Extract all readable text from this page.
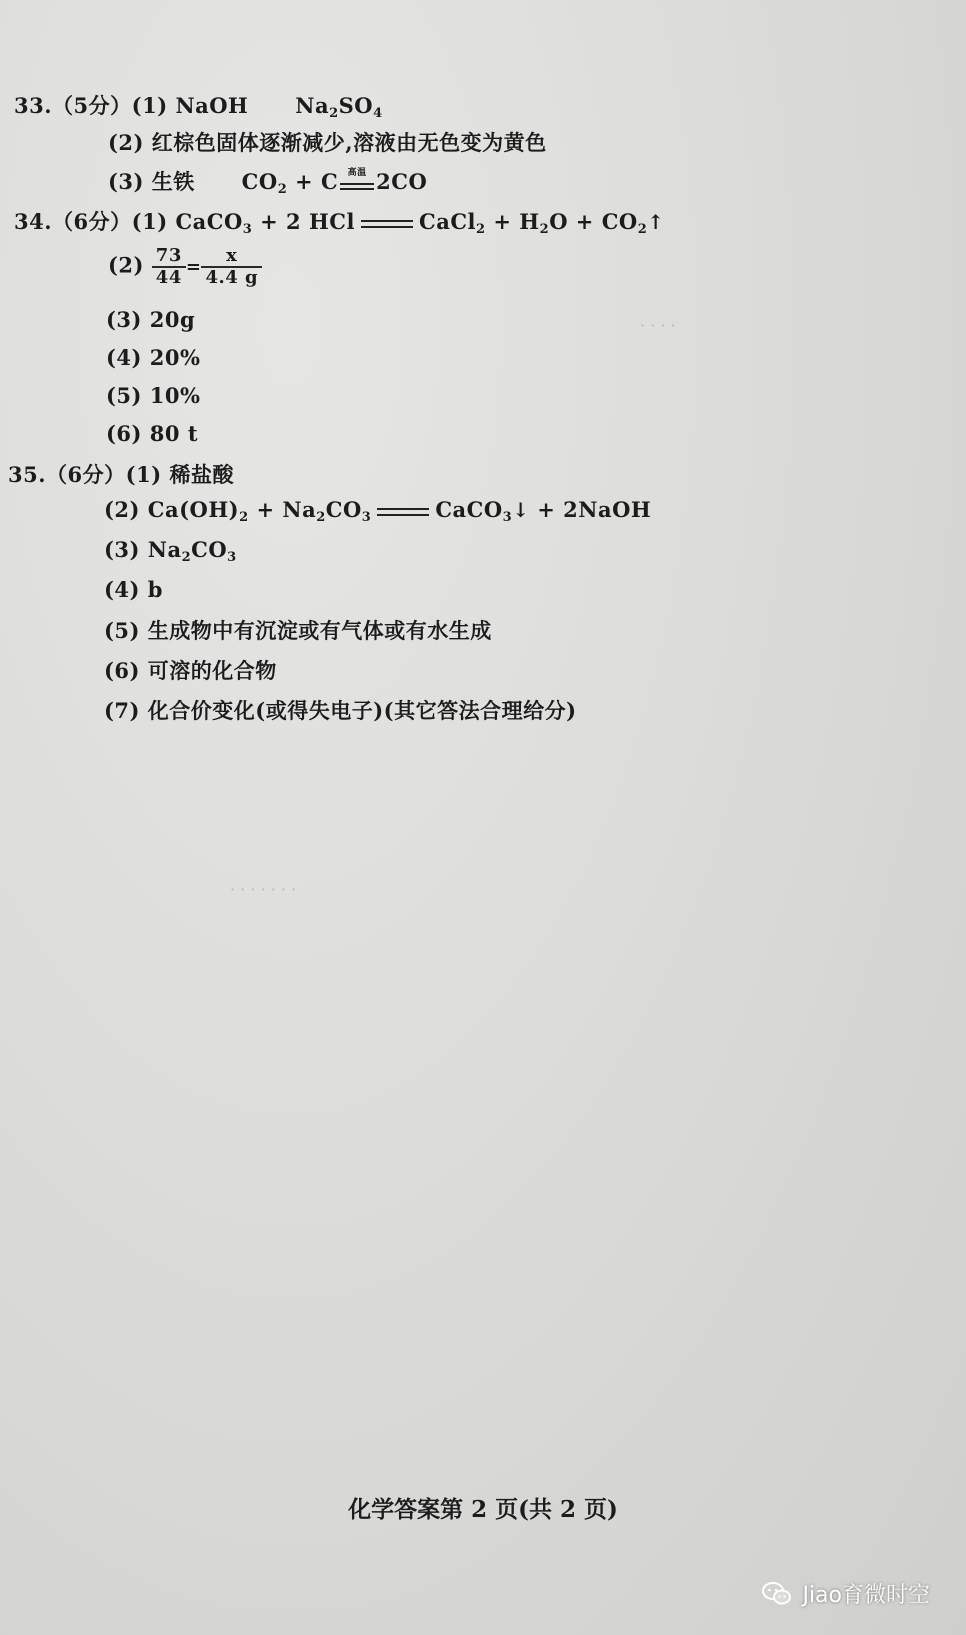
· · · ·
· · · · · · ·
33.（5分）(1) NaOH $Na_2SO_4$
(2) 红棕色固体逐渐减少,溶液由无色变为黄色
(3) 生铁 $CO_2 + C$	高温 2CO
34.（6分）(1) CaCO$_3$ + 2 HCl	CaCl$_2$ + $H_2O$ + $CO_2↑$
$(2) \frac{73}{44} = \frac{x}{4.4 g}$
(3) 20g
(4) 20%
(5) 10%
(6) 80 t
35.（6分）(1) 稀盐酸
(2) $Ca(OH)_2 + Na_2CO_3$	CaCO$_3$↓ + 2NaOH
(3) $Na_2CO_3$
(4) b
(5) 生成物中有沉淀或有气体或有水生成
(6) 可溶的化合物
(7) 化合价变化(或得失电子)(其它答法合理给分)
化学答案第 2 页(共 2 页)
Jiao育微时空
